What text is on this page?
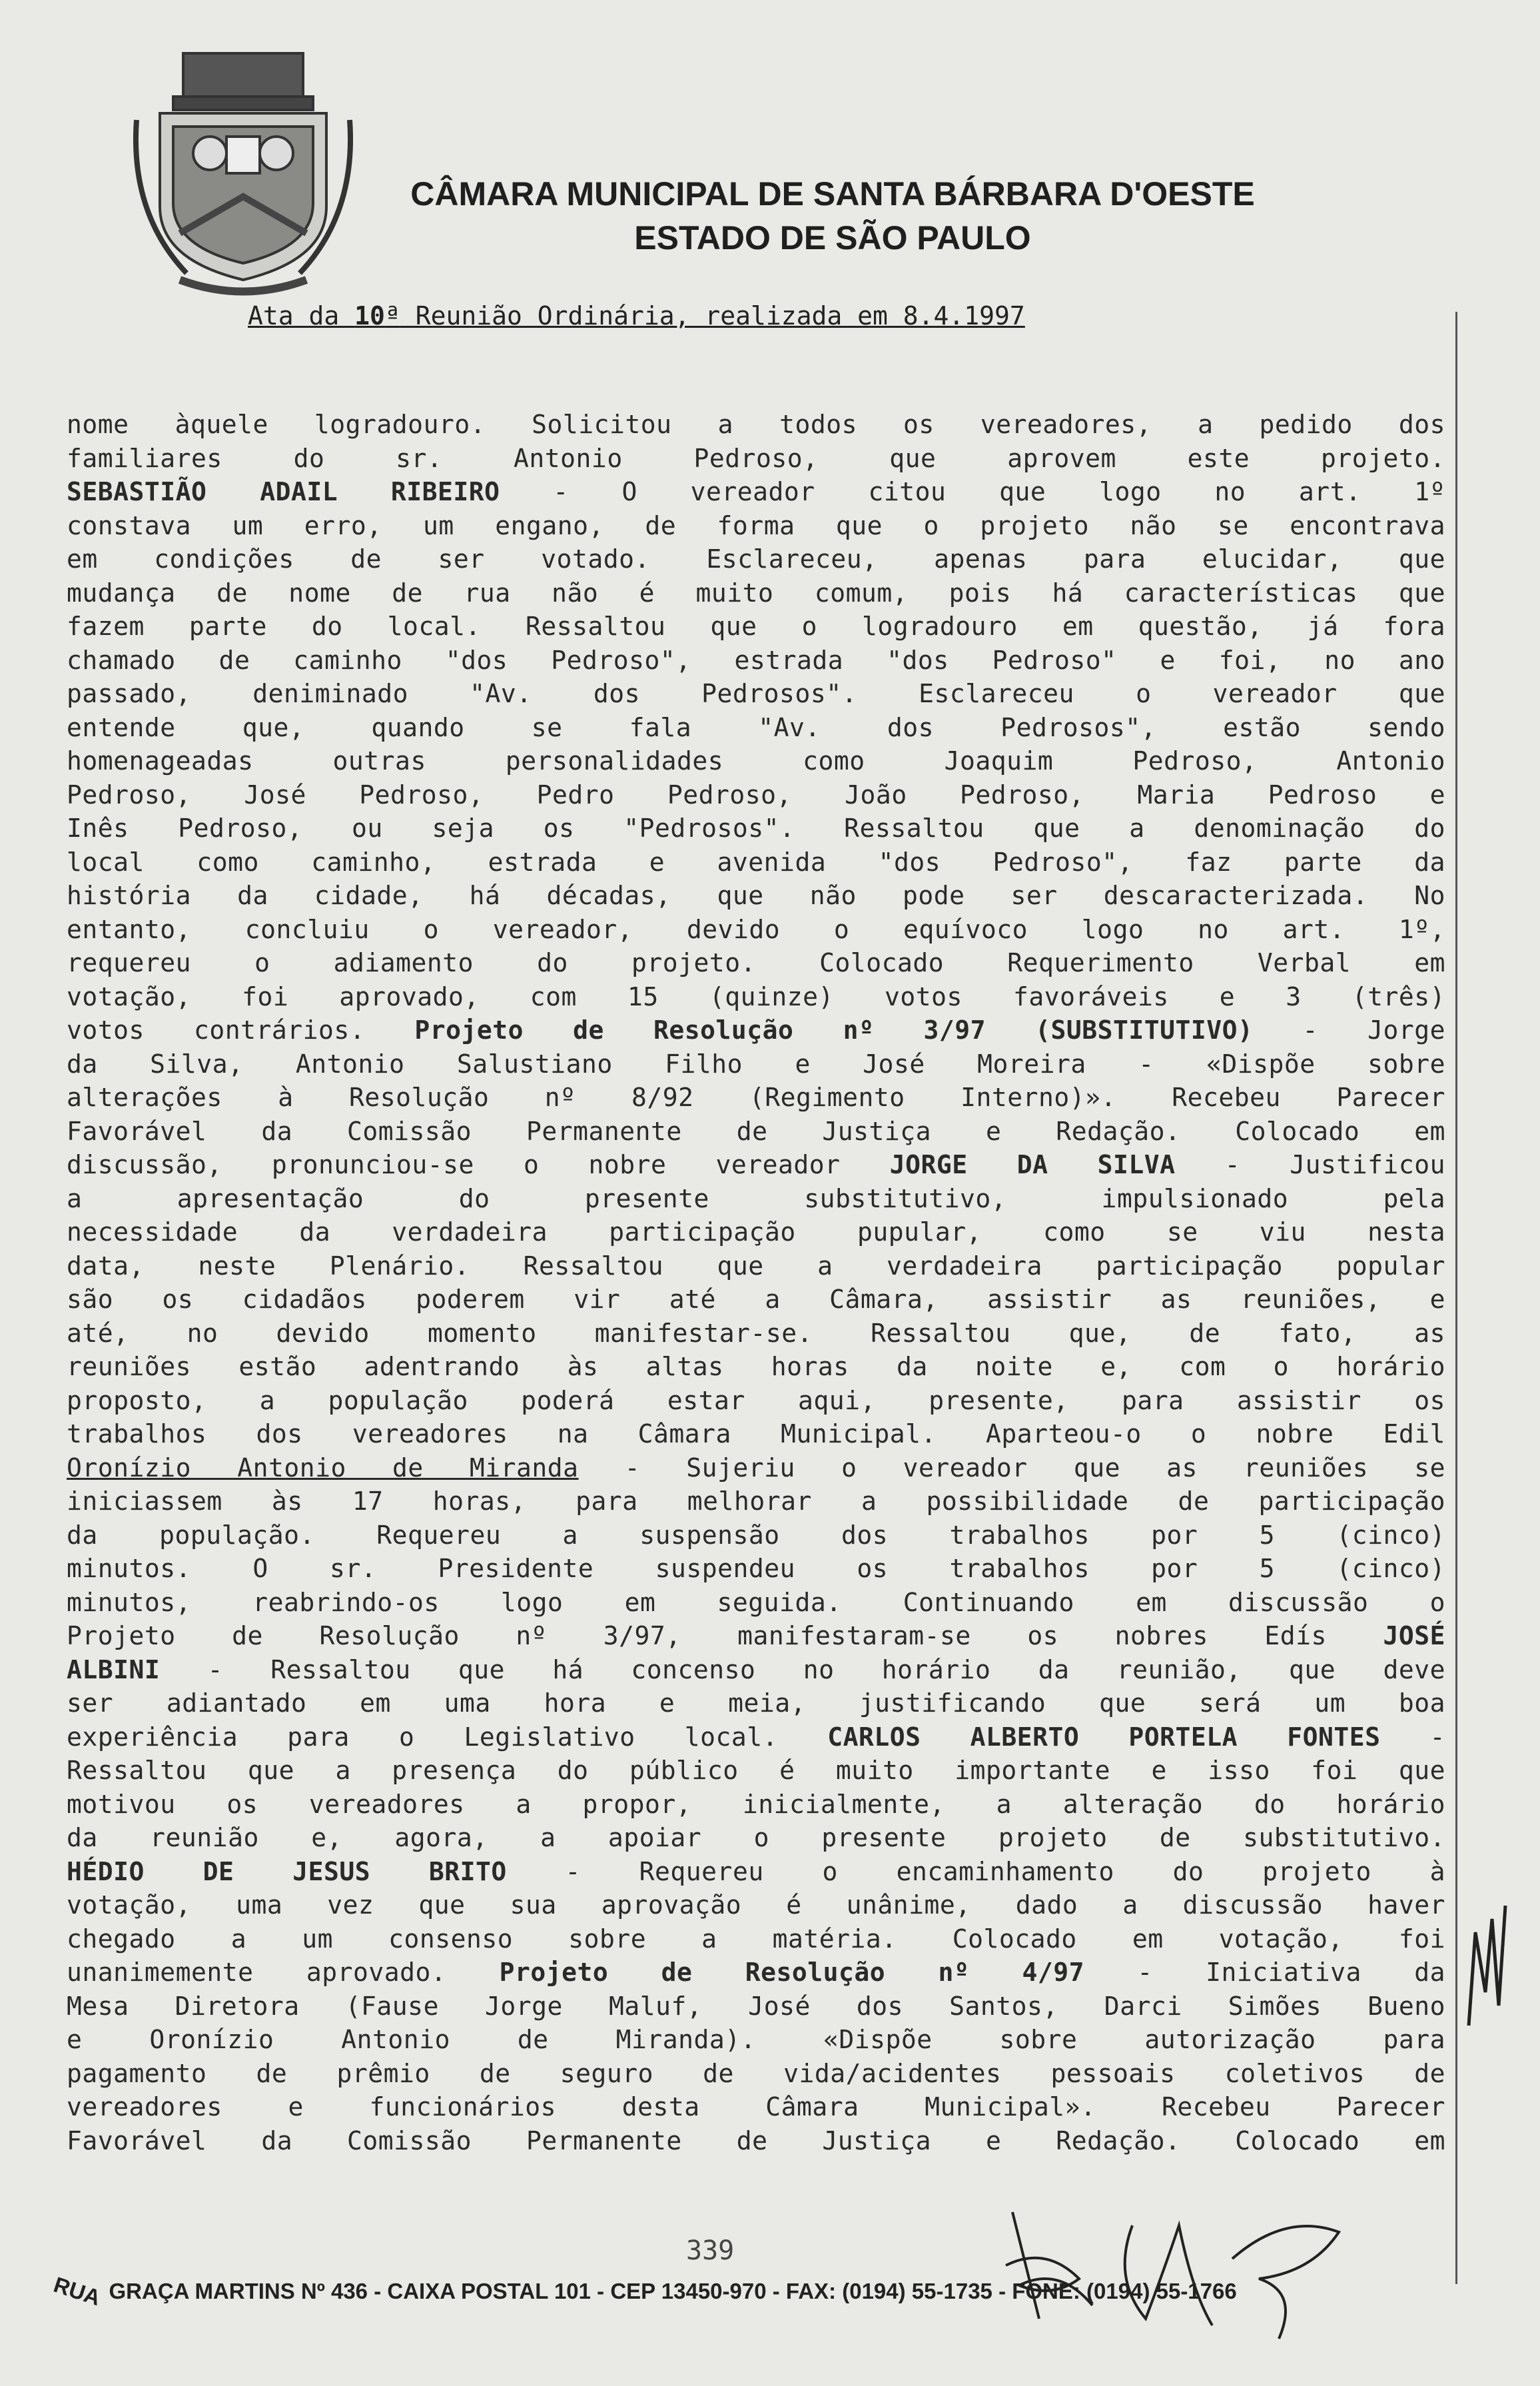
CÂMARA MUNICIPAL DE SANTA BÁRBARA D'OESTE
ESTADO DE SÃO PAULO
Ata da 10ª Reunião Ordinária, realizada em 8.4.1997
nome àquele logradouro. Solicitou a todos os vereadores, a pedido dos
familiares do sr. Antonio Pedroso, que aprovem este projeto.
SEBASTIÃO ADAIL RIBEIRO - O vereador citou que logo no art. 1º
constava um erro, um engano, de forma que o projeto não se encontrava
em condições de ser votado. Esclareceu, apenas para elucidar, que
mudança de nome de rua não é muito comum, pois há características que
fazem parte do local. Ressaltou que o logradouro em questão, já fora
chamado de caminho "dos Pedroso", estrada "dos Pedroso" e foi, no ano
passado, deniminado "Av. dos Pedrosos". Esclareceu o vereador que
entende que, quando se fala "Av. dos Pedrosos", estão sendo
homenageadas outras personalidades como Joaquim Pedroso, Antonio
Pedroso, José Pedroso, Pedro Pedroso, João Pedroso, Maria Pedroso e
Inês Pedroso, ou seja os "Pedrosos". Ressaltou que a denominação do
local como caminho, estrada e avenida "dos Pedroso", faz parte da
história da cidade, há décadas, que não pode ser descaracterizada. No
entanto, concluiu o vereador, devido o equívoco logo no art. 1º,
requereu o adiamento do projeto. Colocado Requerimento Verbal em
votação, foi aprovado, com 15 (quinze) votos favoráveis e 3 (três)
votos contrários. Projeto de Resolução nº 3/97 (SUBSTITUTIVO) - Jorge
da Silva, Antonio Salustiano Filho e José Moreira - «Dispõe sobre
alterações à Resolução nº 8/92 (Regimento Interno)». Recebeu Parecer
Favorável da Comissão Permanente de Justiça e Redação. Colocado em
discussão, pronunciou-se o nobre vereador JORGE DA SILVA - Justificou
a apresentação do presente substitutivo, impulsionado pela
necessidade da verdadeira participação pupular, como se viu nesta
data, neste Plenário. Ressaltou que a verdadeira participação popular
são os cidadãos poderem vir até a Câmara, assistir as reuniões, e
até, no devido momento manifestar-se. Ressaltou que, de fato, as
reuniões estão adentrando às altas horas da noite e, com o horário
proposto, a população poderá estar aqui, presente, para assistir os
trabalhos dos vereadores na Câmara Municipal. Aparteou-o o nobre Edil
Oronízio Antonio de Miranda - Sujeriu o vereador que as reuniões se
iniciassem às 17 horas, para melhorar a possibilidade de participação
da população. Requereu a suspensão dos trabalhos por 5 (cinco)
minutos. O sr. Presidente suspendeu os trabalhos por 5 (cinco)
minutos, reabrindo-os logo em seguida. Continuando em discussão o
Projeto de Resolução nº 3/97, manifestaram-se os nobres Edís JOSÉ
ALBINI - Ressaltou que há concenso no horário da reunião, que deve
ser adiantado em uma hora e meia, justificando que será um boa
experiência para o Legislativo local. CARLOS ALBERTO PORTELA FONTES -
Ressaltou que a presença do público é muito importante e isso foi que
motivou os vereadores a propor, inicialmente, a alteração do horário
da reunião e, agora, a apoiar o presente projeto de substitutivo.
HÉDIO DE JESUS BRITO - Requereu o encaminhamento do projeto à
votação, uma vez que sua aprovação é unânime, dado a discussão haver
chegado a um consenso sobre a matéria. Colocado em votação, foi
unanimemente aprovado. Projeto de Resolução nº 4/97 - Iniciativa da
Mesa Diretora (Fause Jorge Maluf, José dos Santos, Darci Simões Bueno
e Oronízio Antonio de Miranda). «Dispõe sobre autorização para
pagamento de prêmio de seguro de vida/acidentes pessoais coletivos de
vereadores e funcionários desta Câmara Municipal». Recebeu Parecer
Favorável da Comissão Permanente de Justiça e Redação. Colocado em
339
RUA GRAÇA MARTINS Nº 436 - CAIXA POSTAL 101 - CEP 13450-970 - FAX: (0194) 55-1735 - FONE: (0194) 55-1766
